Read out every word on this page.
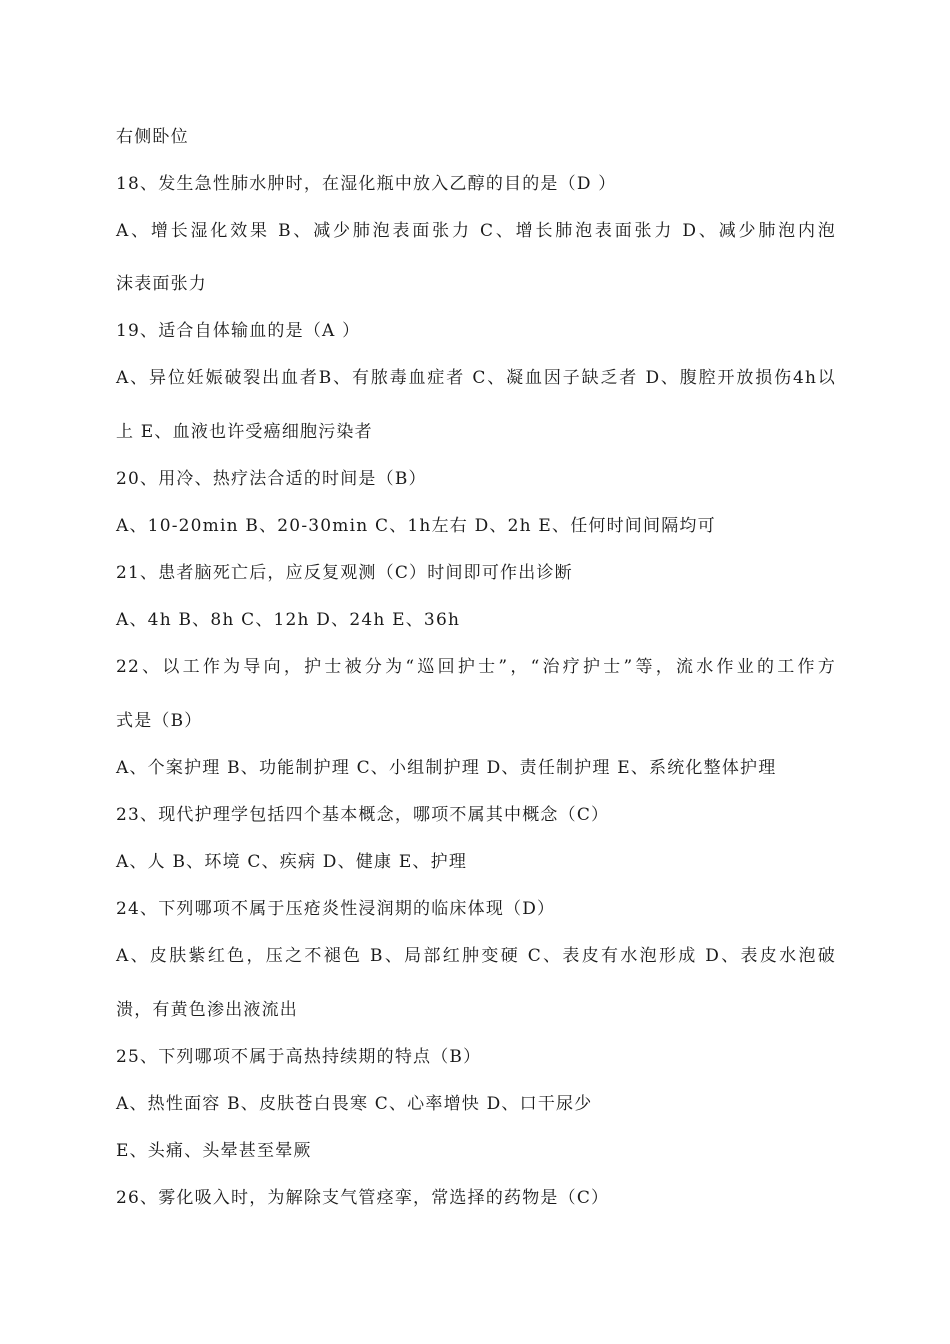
右侧卧位
18、发生急性肺水肿时，在湿化瓶中放入乙醇的目的是（D ）
A、增长湿化效果 B、减少肺泡表面张力 C、增长肺泡表面张力 D、减少肺泡内泡
沫表面张力
19、适合自体输血的是（A ）
A、异位妊娠破裂出血者B、有脓毒血症者 C、凝血因子缺乏者 D、腹腔开放损伤4h以
上 E、血液也许受癌细胞污染者
20、用冷、热疗法合适的时间是（B）
A、10-20min B、20-30min C、1h左右 D、2h E、任何时间间隔均可
21、患者脑死亡后，应反复观测（C）时间即可作出诊断
A、4h B、8h C、12h D、24h E、36h
22、以工作为导向，护士被分为“巡回护士”，“治疗护士”等，流水作业的工作方
式是（B）
A、个案护理 B、功能制护理 C、小组制护理 D、责任制护理 E、系统化整体护理
23、现代护理学包括四个基本概念，哪项不属其中概念（C）
A、人 B、环境 C、疾病 D、健康 E、护理
24、下列哪项不属于压疮炎性浸润期的临床体现（D）
A、皮肤紫红色，压之不褪色 B、局部红肿变硬 C、表皮有水泡形成 D、表皮水泡破
溃，有黄色渗出液流出
25、下列哪项不属于高热持续期的特点（B）
A、热性面容 B、皮肤苍白畏寒 C、心率增快 D、口干尿少
E、头痛、头晕甚至晕厥
26、雾化吸入时，为解除支气管痉挛，常选择的药物是（C）
